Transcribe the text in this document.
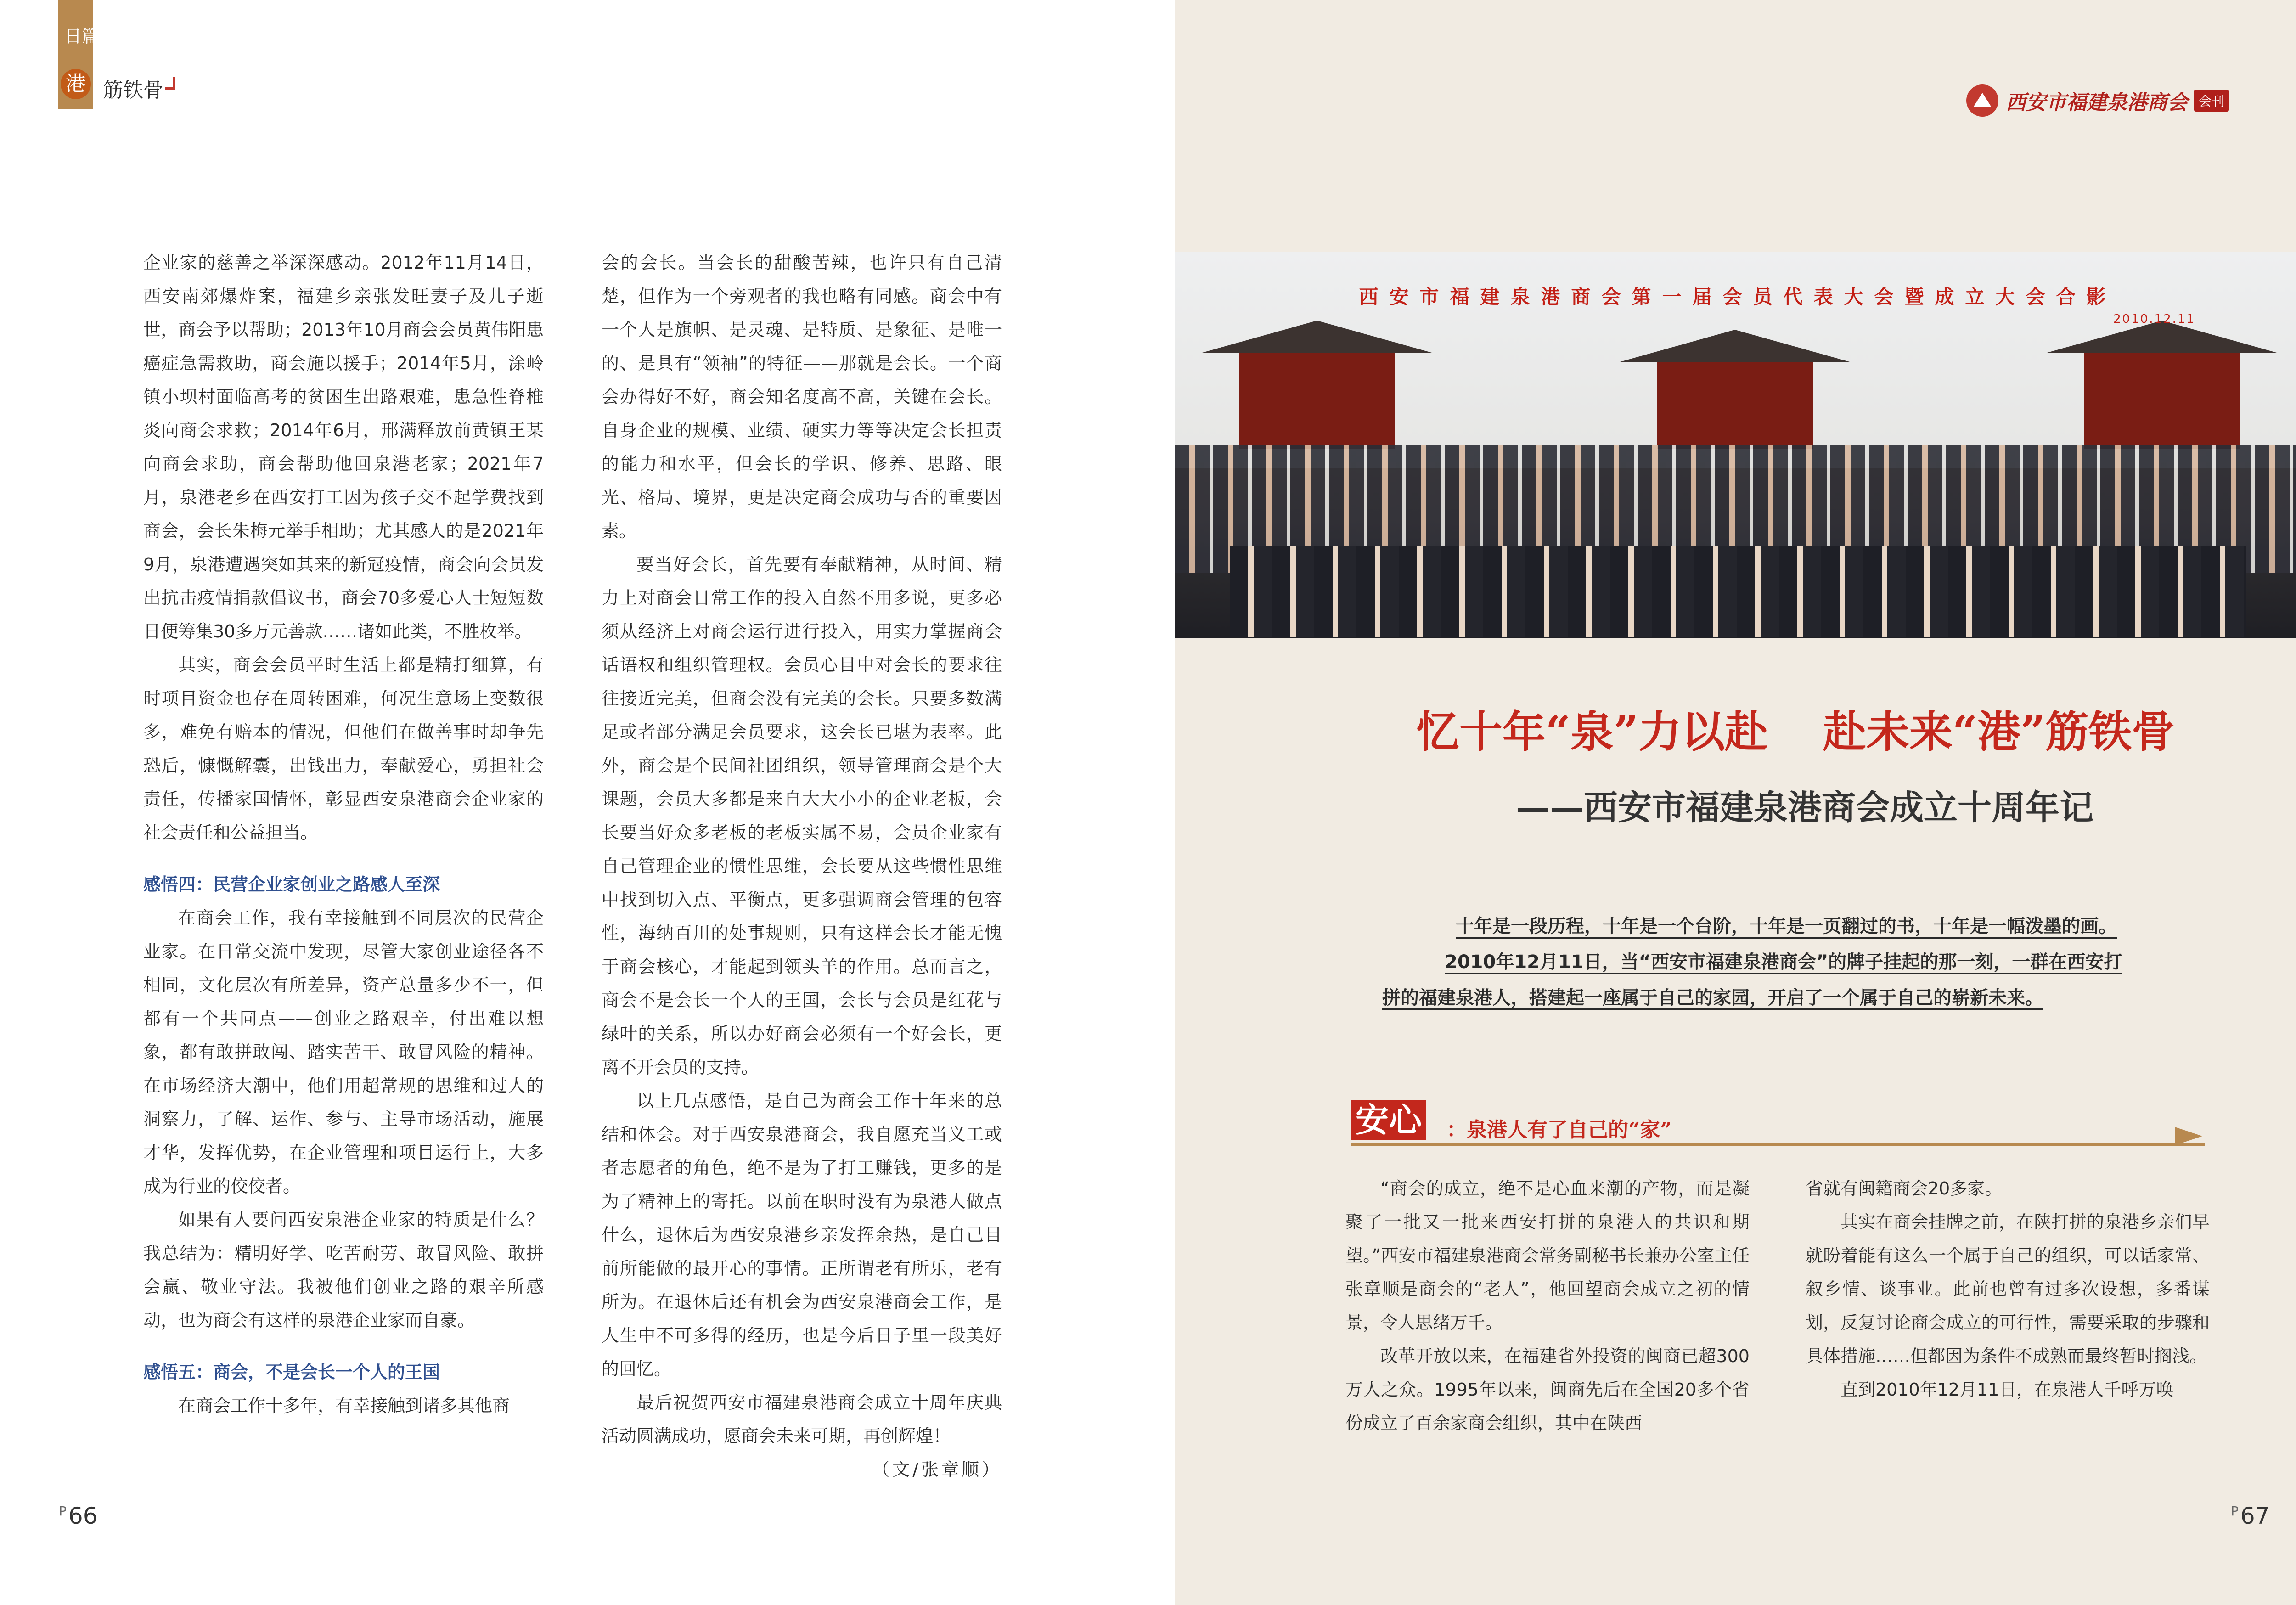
日篇
港 筋铁骨

企业家的慈善之举深深感动。2012年11月14日，西安南郊爆炸案，福建乡亲张发旺妻子及儿子逝世，商会予以帮助；2013年10月商会会员黄伟阳患癌症急需救助，商会施以援手；2014年5月，涂岭镇小坝村面临高考的贫困生出路艰难，患急性脊椎炎向商会求救；2014年6月，邢满释放前黄镇王某向商会求助，商会帮助他回泉港老家；2021年7月，泉港老乡在西安打工因为孩子交不起学费找到商会，会长朱梅元举手相助；尤其感人的是2021年9月，泉港遭遇突如其来的新冠疫情，商会向会员发出抗击疫情捐款倡议书，商会70多爱心人士短短数日便筹集30多万元善款……诸如此类，不胜枚举。

其实，商会会员平时生活上都是精打细算，有时项目资金也存在周转困难，何况生意场上变数很多，难免有赔本的情况，但他们在做善事时却争先恐后，慷慨解囊，出钱出力，奉献爱心，勇担社会责任，传播家国情怀，彰显西安泉港商会企业家的社会责任和公益担当。

感悟四：民营企业家创业之路感人至深

在商会工作，我有幸接触到不同层次的民营企业家。在日常交流中发现，尽管大家创业途径各不相同，文化层次有所差异，资产总量多少不一，但都有一个共同点——创业之路艰辛，付出难以想象，都有敢拼敢闯、踏实苦干、敢冒风险的精神。在市场经济大潮中，他们用超常规的思维和过人的洞察力，了解、运作、参与、主导市场活动，施展才华，发挥优势，在企业管理和项目运行上，大多成为行业的佼佼者。

如果有人要问西安泉港企业家的特质是什么？我总结为：精明好学、吃苦耐劳、敢冒风险、敢拼会赢、敬业守法。我被他们创业之路的艰辛所感动，也为商会有这样的泉港企业家而自豪。

感悟五：商会，不是会长一个人的王国

在商会工作十多年，有幸接触到诸多其他商

会的会长。当会长的甜酸苦辣，也许只有自己清楚，但作为一个旁观者的我也略有同感。商会中有一个人是旗帜、是灵魂、是特质、是象征、是唯一的、是具有“领袖”的特征——那就是会长。一个商会办得好不好，商会知名度高不高，关键在会长。自身企业的规模、业绩、硬实力等等决定会长担责的能力和水平，但会长的学识、修养、思路、眼光、格局、境界，更是决定商会成功与否的重要因素。

要当好会长，首先要有奉献精神，从时间、精力上对商会日常工作的投入自然不用多说，更多必须从经济上对商会运行进行投入，用实力掌握商会话语权和组织管理权。会员心目中对会长的要求往往接近完美，但商会没有完美的会长。只要多数满足或者部分满足会员要求，这会长已堪为表率。此外，商会是个民间社团组织，领导管理商会是个大课题，会员大多都是来自大大小小的企业老板，会长要当好众多老板的老板实属不易，会员企业家有自己管理企业的惯性思维，会长要从这些惯性思维中找到切入点、平衡点，更多强调商会管理的包容性，海纳百川的处事规则，只有这样会长才能无愧于商会核心，才能起到领头羊的作用。总而言之，商会不是会长一个人的王国，会长与会员是红花与绿叶的关系，所以办好商会必须有一个好会长，更离不开会员的支持。

以上几点感悟，是自己为商会工作十年来的总结和体会。对于西安泉港商会，我自愿充当义工或者志愿者的角色，绝不是为了打工赚钱，更多的是为了精神上的寄托。以前在职时没有为泉港人做点什么，退休后为西安泉港乡亲发挥余热，是自己目前所能做的最开心的事情。正所谓老有所乐，老有所为。在退休后还有机会为西安泉港商会工作，是人生中不可多得的经历，也是今后日子里一段美好的回忆。

最后祝贺西安市福建泉港商会成立十周年庆典活动圆满成功，愿商会未来可期，再创辉煌！

（文/张章顺）

$^P$66
西安市福建泉港商会 会刊
西安市福建泉港商会第一届会员代表大会暨成立大会合影
2010.12.11
忆十年“泉”力以赴 赴未来“港”筋铁骨
——西安市福建泉港商会成立十周年记

十年是一段历程，十年是一个台阶，十年是一页翻过的书，十年是一幅泼墨的画。

2010年12月11日，当“西安市福建泉港商会”的牌子挂起的那一刻，一群在西安打

拼的福建泉港人，搭建起一座属于自己的家园，开启了一个属于自己的崭新未来。

安心 ：泉港人有了自己的“家”

“商会的成立，绝不是心血来潮的产物，而是凝聚了一批又一批来西安打拼的泉港人的共识和期望。”西安市福建泉港商会常务副秘书长兼办公室主任张章顺是商会的“老人”，他回望商会成立之初的情景，令人思绪万千。

改革开放以来，在福建省外投资的闽商已超300万人之众。1995年以来，闽商先后在全国20多个省份成立了百余家商会组织，其中在陕西

省就有闽籍商会20多家。

其实在商会挂牌之前，在陕打拼的泉港乡亲们早就盼着能有这么一个属于自己的组织，可以话家常、叙乡情、谈事业。此前也曾有过多次设想，多番谋划，反复讨论商会成立的可行性，需要采取的步骤和具体措施……但都因为条件不成熟而最终暂时搁浅。

直到2010年12月11日，在泉港人千呼万唤

$^P$67
